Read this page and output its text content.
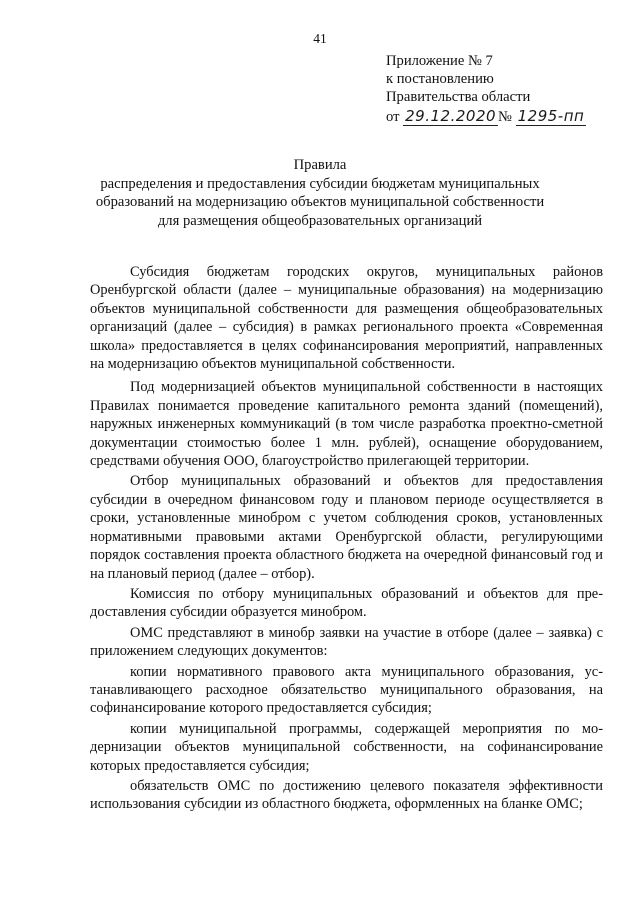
41
Приложение № 7
к постановлению
Правительства области
от 29.12.2020 № 1295-пп
Правила
распределения и предоставления субсидии бюджетам муниципальных
образований на модернизацию объектов муниципальной собственности
для размещения общеобразовательных организаций

Субсидия бюджетам городских округов, муниципальных районов Оренбургской области (далее – муниципальные образования) на модернизацию объектов муниципальной собственности для размещения общеобразовательных организаций (далее – субсидия) в рамках регионального проекта «Современная школа» предоставляется в целях софинансирования мероприятий, направленных на модернизацию объектов муниципальной собственности.

Под модернизацией объектов муниципальной собственности в настоящих Правилах понимается проведение капитального ремонта зданий (помещений), наружных инженерных коммуникаций (в том числе разработка проектно-сметной документации стоимостью более 1 млн. рублей), оснащение оборудованием, средствами обучения ООО, благоустройство прилегающей территории.

Отбор муниципальных образований и объектов для предоставления субсидии в очередном финансовом году и плановом периоде осуществляется в сроки, установленные минобром с учетом соблюдения сроков, установленных нормативными правовыми актами Оренбургской области, регулирующими порядок составления проекта областного бюджета на очередной финансовый год и на плановый период (далее – отбор).

Комиссия по отбору муниципальных образований и объектов для предоставления субсидии образуется минобром.

ОМС представляют в минобр заявки на участие в отборе (далее – заявка) с приложением следующих документов:

копии нормативного правового акта муниципального образования, устанавливающего расходное обязательство муниципального образования, на софинансирование которого предоставляется субсидия;

копии муниципальной программы, содержащей мероприятия по модернизации объектов муниципальной собственности, на софинансирование которых предоставляется субсидия;

обязательств ОМС по достижению целевого показателя эффективности использования субсидии из областного бюджета, оформленных на бланке ОМС;
